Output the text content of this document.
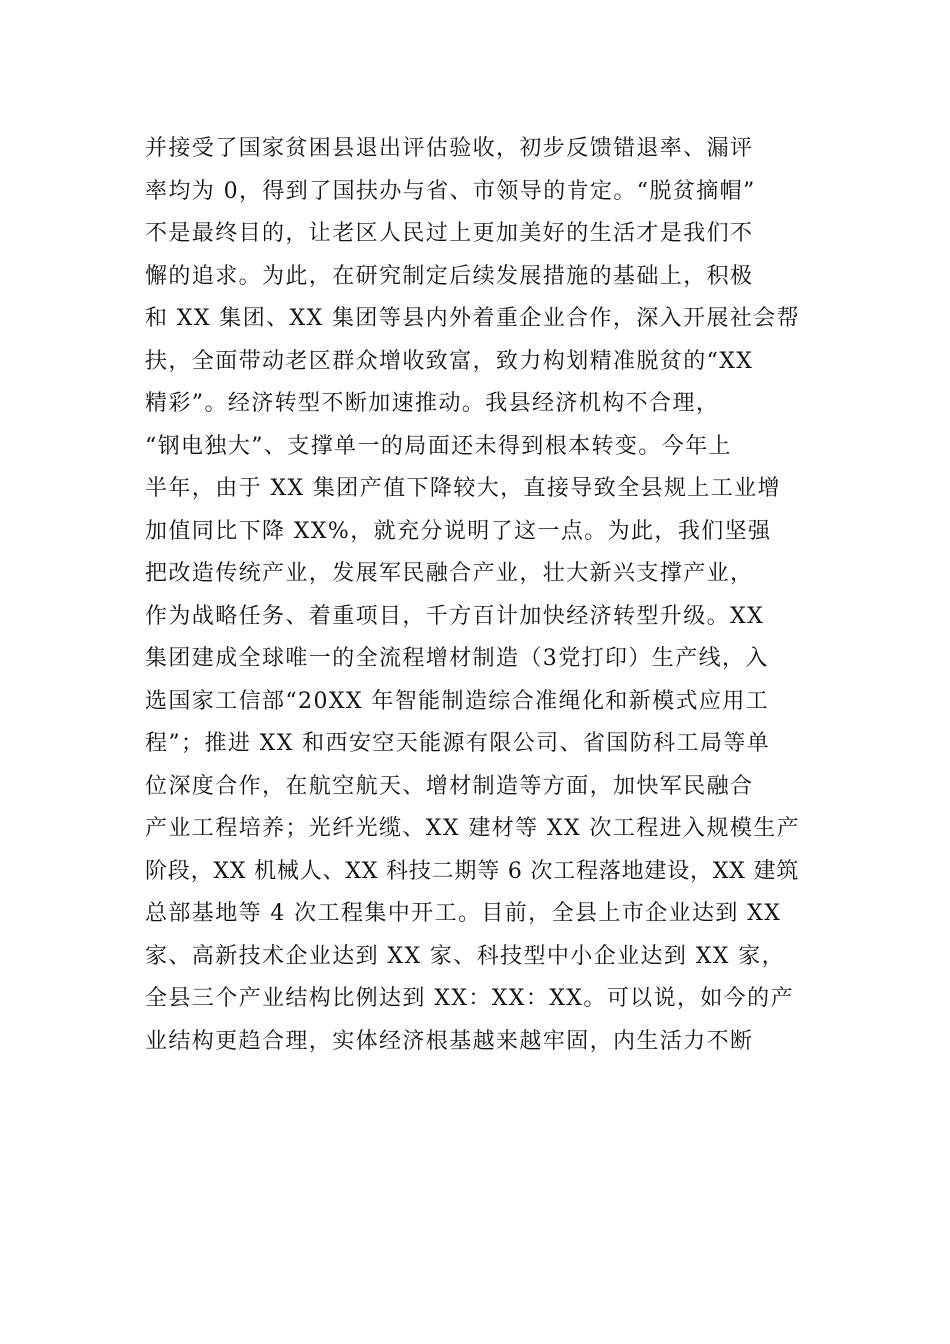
并接受了国家贫困县退出评估验收，初步反馈错退率、漏评
率均为 0，得到了国扶办与省、市领导的肯定。“脱贫摘帽”
不是最终目的，让老区人民过上更加美好的生活才是我们不
懈的追求。为此，在研究制定后续发展措施的基础上，积极
和 XX 集团、XX 集团等县内外着重企业合作，深入开展社会帮
扶，全面带动老区群众增收致富，致力构划精准脱贫的“XX
精彩”。经济转型不断加速推动。我县经济机构不合理，
“钢电独大”、支撑单一的局面还未得到根本转变。今年上
半年，由于 XX 集团产值下降较大，直接导致全县规上工业增
加值同比下降 XX%，就充分说明了这一点。为此，我们坚强
把改造传统产业，发展军民融合产业，壮大新兴支撑产业，
作为战略任务、着重项目，千方百计加快经济转型升级。XX
集团建成全球唯一的全流程增材制造（3党打印）生产线，入
选国家工信部“20XX 年智能制造综合准绳化和新模式应用工
程”；推进 XX 和西安空天能源有限公司、省国防科工局等单
位深度合作，在航空航天、增材制造等方面，加快军民融合
产业工程培养；光纤光缆、XX 建材等 XX 次工程进入规模生产
阶段，XX 机械人、XX 科技二期等 6 次工程落地建设，XX 建筑
总部基地等 4 次工程集中开工。目前，全县上市企业达到 XX
家、高新技术企业达到 XX 家、科技型中小企业达到 XX 家，
全县三个产业结构比例达到 XX：XX：XX。可以说，如今的产
业结构更趋合理，实体经济根基越来越牢固，内生活力不断
